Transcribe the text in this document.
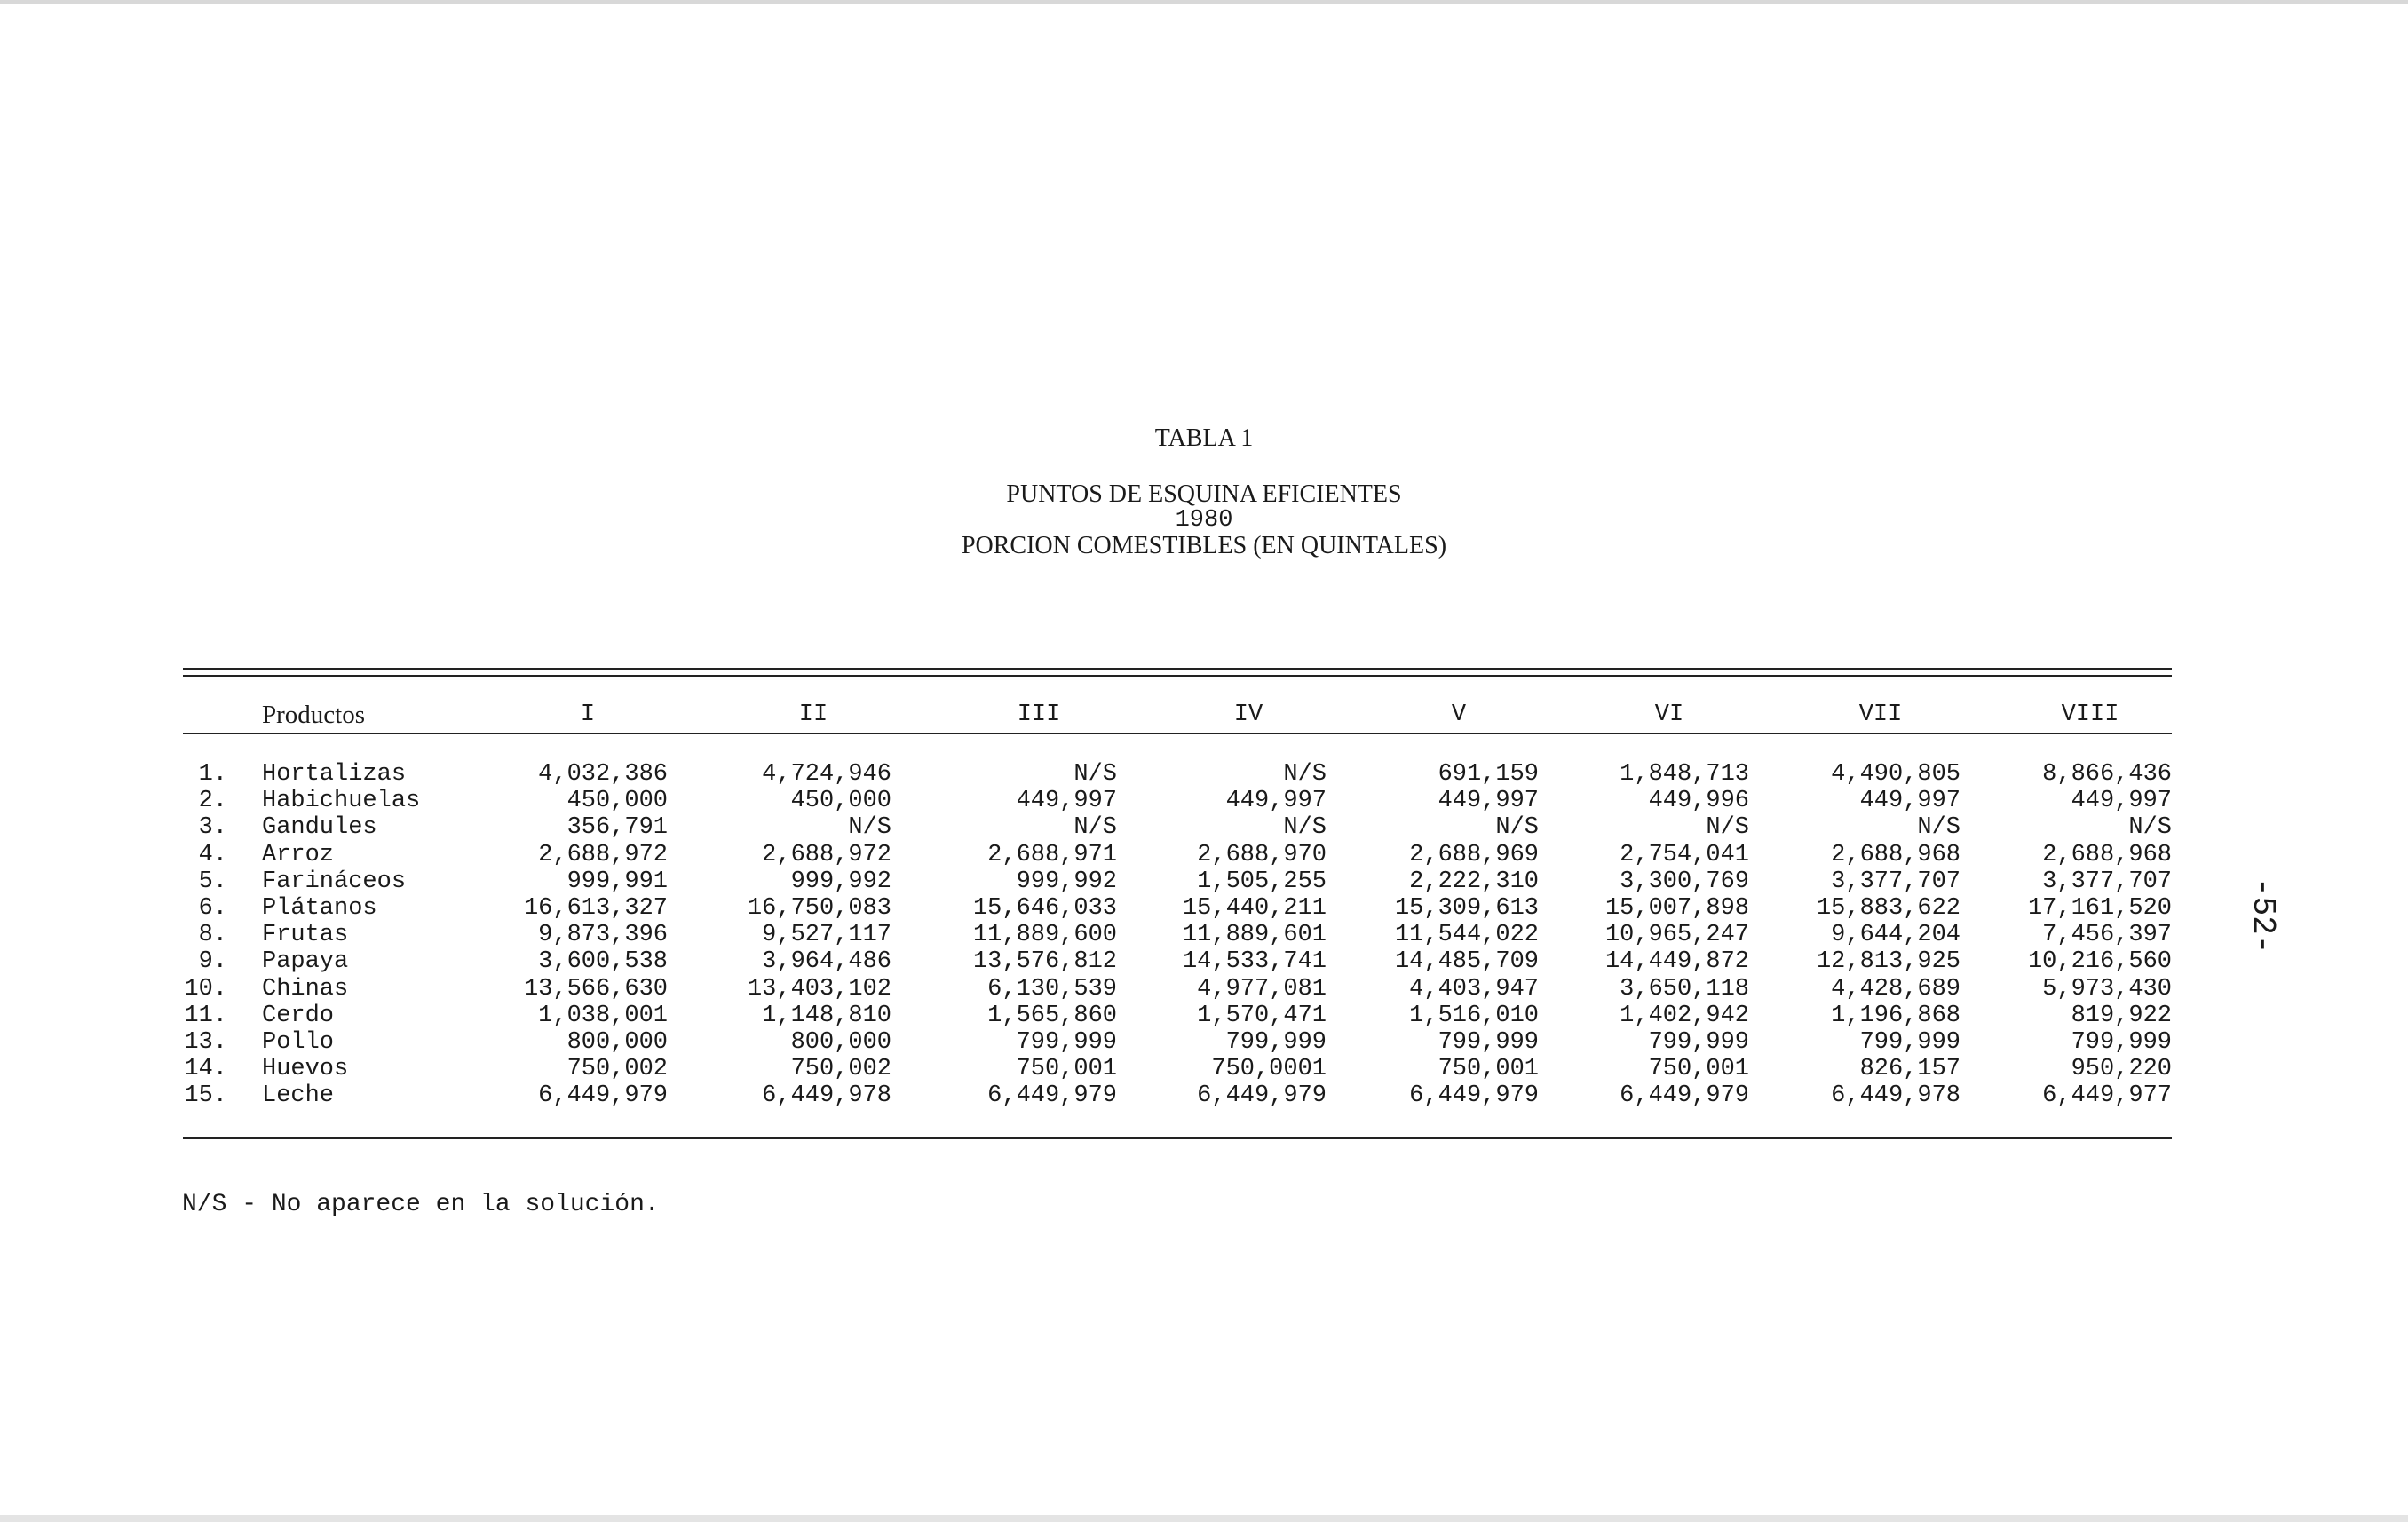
TABLA 1
PUNTOS DE ESQUINA EFICIENTES
1980
PORCION COMESTIBLES (EN QUINTALES)
Productos	I	II	III	IV	V	VI	VII	VIII
1. Hortalizas	4,032,386	4,724,946	N/S	N/S	691,159	1,848,713	4,490,805	8,866,436
2. Habichuelas	450,000	450,000	449,997	449,997	449,997	449,996	449,997	449,997
3. Gandules	356,791	N/S	N/S	N/S	N/S	N/S	N/S	N/S
4. Arroz	2,688,972	2,688,972	2,688,971	2,688,970	2,688,969	2,754,041	2,688,968	2,688,968
5. Farináceos	999,991	999,992	999,992	1,505,255	2,222,310	3,300,769	3,377,707	3,377,707
6. Plátanos	16,613,327	16,750,083	15,646,033	15,440,211	15,309,613	15,007,898	15,883,622	17,161,520
8. Frutas	9,873,396	9,527,117	11,889,600	11,889,601	11,544,022	10,965,247	9,644,204	7,456,397
9. Papaya	3,600,538	3,964,486	13,576,812	14,533,741	14,485,709	14,449,872	12,813,925	10,216,560
10. Chinas	13,566,630	13,403,102	6,130,539	4,977,081	4,403,947	3,650,118	4,428,689	5,973,430
11. Cerdo	1,038,001	1,148,810	1,565,860	1,570,471	1,516,010	1,402,942	1,196,868	819,922
13. Pollo	800,000	800,000	799,999	799,999	799,999	799,999	799,999	799,999
14. Huevos	750,002	750,002	750,001	750,0001	750,001	750,001	826,157	950,220
15. Leche	6,449,979	6,449,978	6,449,979	6,449,979	6,449,979	6,449,979	6,449,978	6,449,977
N/S - No aparece en la solución.
-52-
